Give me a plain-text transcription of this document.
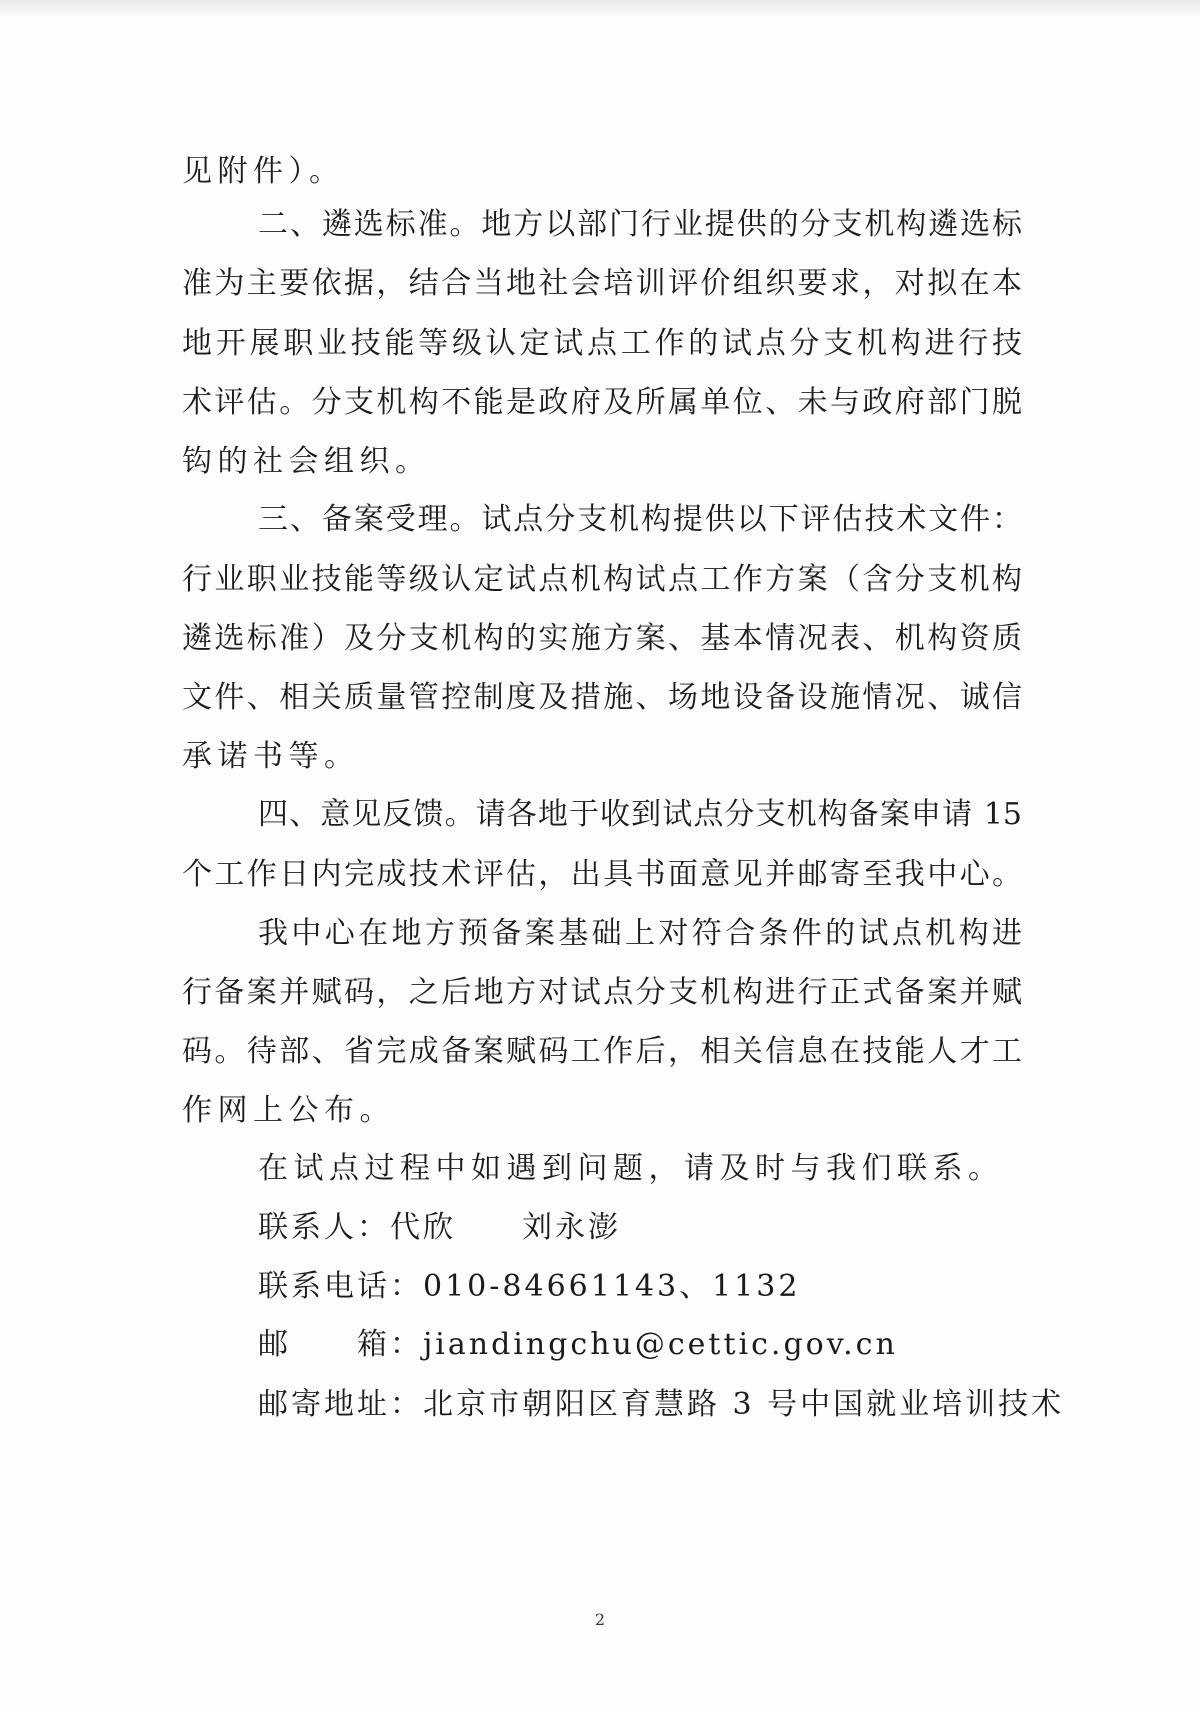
见附件）。
二、遴选标准。地方以部门行业提供的分支机构遴选标
准为主要依据，结合当地社会培训评价组织要求，对拟在本
地开展职业技能等级认定试点工作的试点分支机构进行技
术评估。分支机构不能是政府及所属单位、未与政府部门脱
钩的社会组织。
三、备案受理。试点分支机构提供以下评估技术文件：
行业职业技能等级认定试点机构试点工作方案（含分支机构
遴选标准）及分支机构的实施方案、基本情况表、机构资质
文件、相关质量管控制度及措施、场地设备设施情况、诚信
承诺书等。
四、意见反馈。请各地于收到试点分支机构备案申请 15
个工作日内完成技术评估，出具书面意见并邮寄至我中心。
我中心在地方预备案基础上对符合条件的试点机构进
行备案并赋码，之后地方对试点分支机构进行正式备案并赋
码。待部、省完成备案赋码工作后，相关信息在技能人才工
作网上公布。
在试点过程中如遇到问题，请及时与我们联系。
联系人：代欣　　刘永澎
联系电话：010-84661143、1132
邮　　箱：jiandingchu@cettic.gov.cn
邮寄地址：北京市朝阳区育慧路 3 号中国就业培训技术
2
